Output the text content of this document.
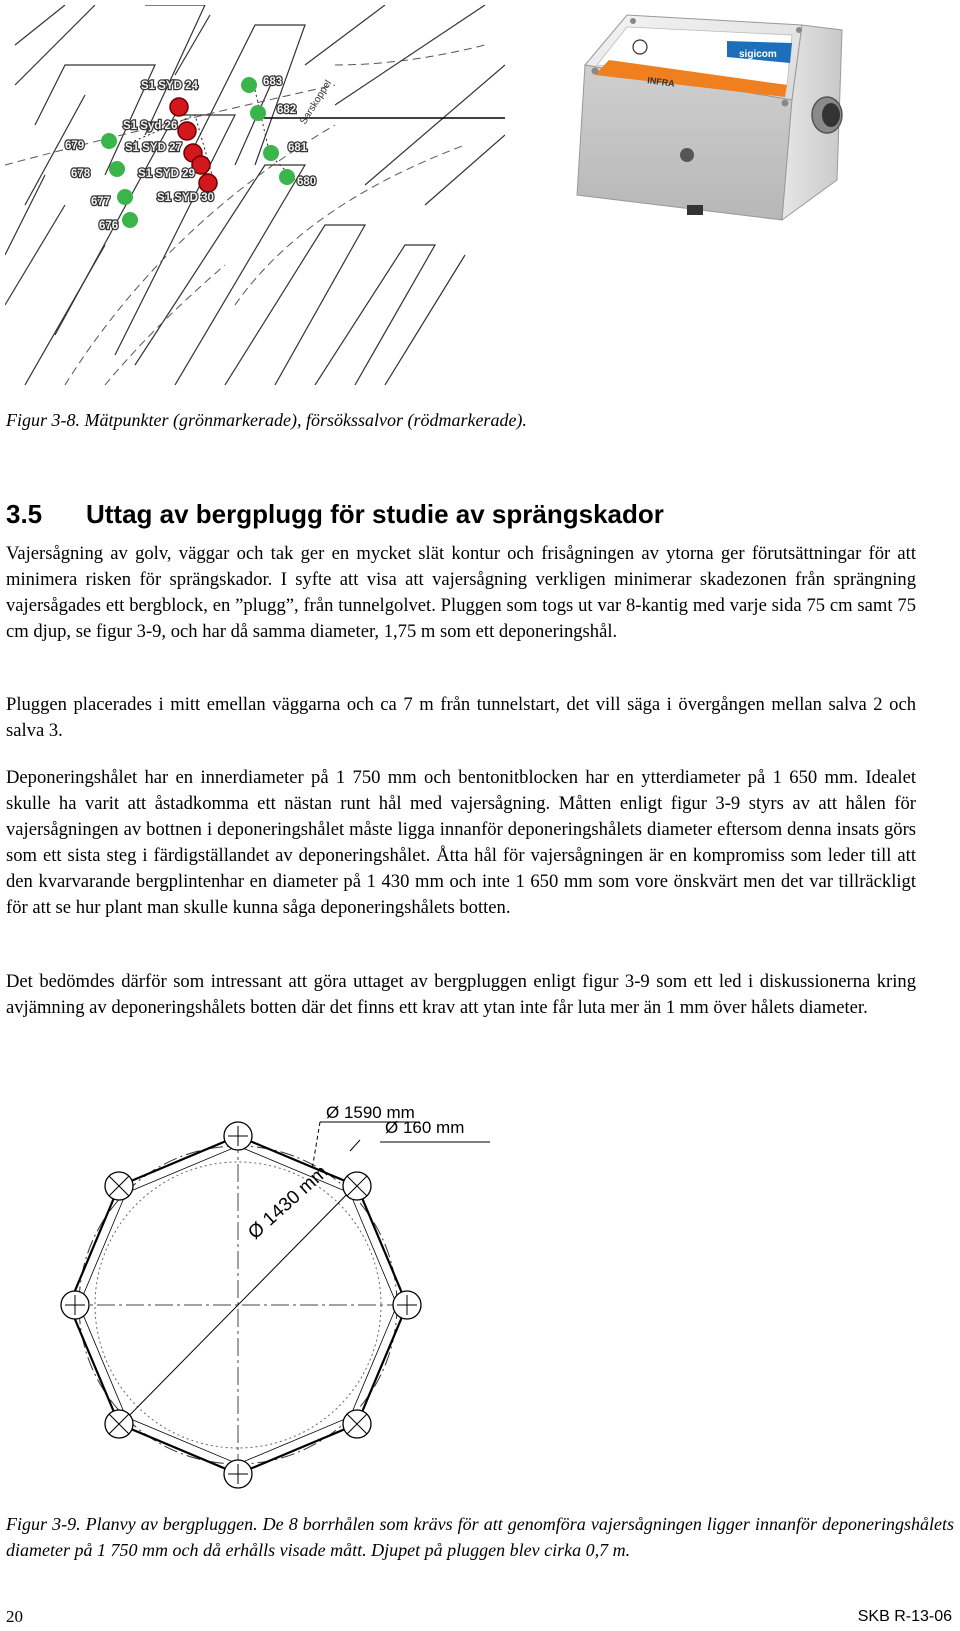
S1 SYD 24
S1 Syd 26
S1 SYD 27
S1 SYD 29
S1 SYD 30
683
682
681
680
679
678
677
676
Sarskoppel
sigicom
INFRA
Figur 3-8. Mätpunkter (grönmarkerade), försökssalvor (rödmarkerade).
3.5 Uttag av bergplugg för studie av sprängskador
Vajersågning av golv, väggar och tak ger en mycket slät kontur och frisågningen av ytorna ger förutsättningar för att minimera risken för sprängskador. I syfte att visa att vajersågning verkligen minimerar skadezonen från sprängning vajersågades ett bergblock, en ”plugg”, från tunnelgolvet. Pluggen som togs ut var 8-kantig med varje sida 75 cm samt 75 cm djup, se figur 3-9, och har då samma diameter, 1,75 m som ett deponeringshål.
Pluggen placerades i mitt emellan väggarna och ca 7 m från tunnelstart, det vill säga i övergången mellan salva 2 och salva 3.
Deponeringshålet har en innerdiameter på 1 750 mm och bentonitblocken har en ytterdiameter på 1 650 mm. Idealet skulle ha varit att åstadkomma ett nästan runt hål med vajersågning. Måtten enligt figur 3-9 styrs av att hålen för vajersågningen av bottnen i deponeringshålet måste ligga innanför deponeringshålets diameter eftersom denna insats görs som ett sista steg i färdigställandet av deponeringshålet. Åtta hål för vajersågningen är en kompromiss som leder till att den kvarvarande bergplintenhar en diameter på 1 430 mm och inte 1 650 mm som vore önskvärt men det var tillräckligt för att se hur plant man skulle kunna såga deponeringshålets botten.
Det bedömdes därför som intressant att göra uttaget av bergpluggen enligt figur 3-9 som ett led i diskussionerna kring avjämning av deponeringshålets botten där det finns ett krav att ytan inte får luta mer än 1 mm över hålets diameter.
Ø 160 mm
Ø 1430 mm
Ø 1590 mm
Figur 3-9. Planvy av bergpluggen. De 8 borrhålen som krävs för att genomföra vajersågningen ligger innanför deponeringshålets diameter på 1 750 mm och då erhålls visade mått. Djupet på pluggen blev cirka 0,7 m.
20	SKB R-13-06
